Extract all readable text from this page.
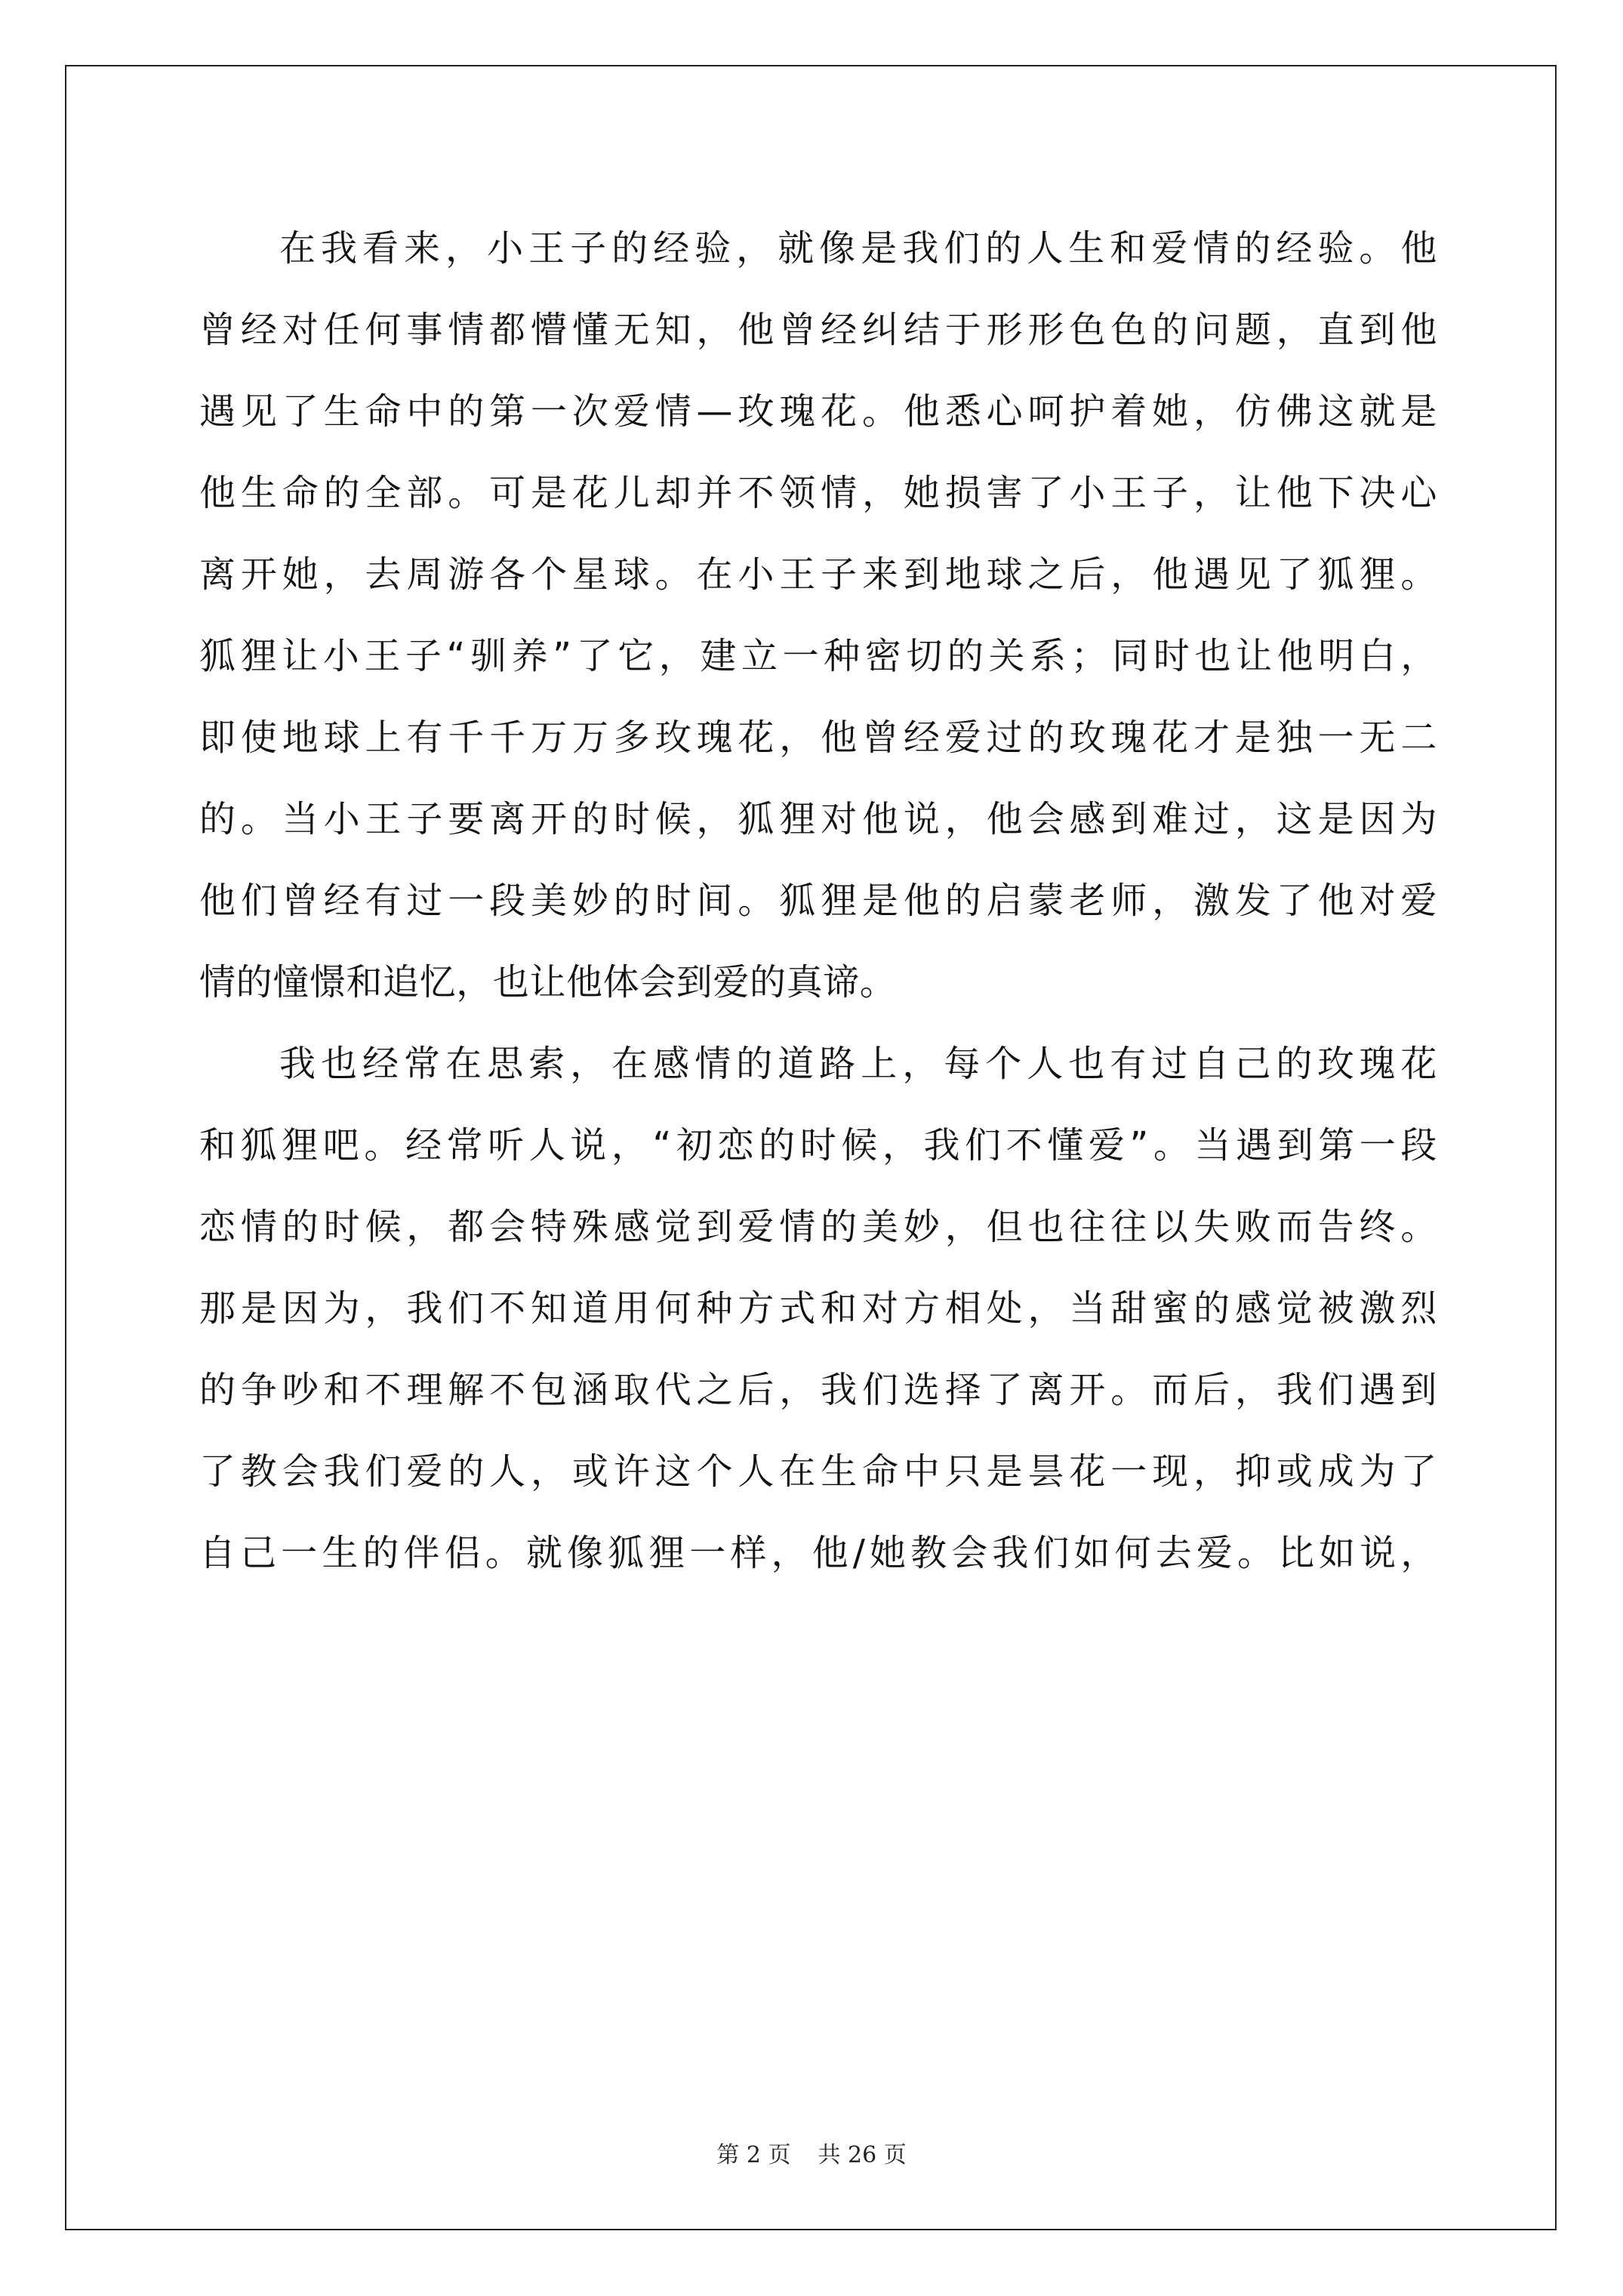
在我看来，小王子的经验，就像是我们的人生和爱情的经验。他
曾经对任何事情都懵懂无知，他曾经纠结于形形色色的问题，直到他
遇见了生命中的第一次爱情—玫瑰花。他悉心呵护着她，仿佛这就是
他生命的全部。可是花儿却并不领情，她损害了小王子，让他下决心
离开她，去周游各个星球。在小王子来到地球之后，他遇见了狐狸。
狐狸让小王子“驯养”了它，建立一种密切的关系；同时也让他明白，
即使地球上有千千万万多玫瑰花，他曾经爱过的玫瑰花才是独一无二
的。当小王子要离开的时候，狐狸对他说，他会感到难过，这是因为
他们曾经有过一段美妙的时间。狐狸是他的启蒙老师，激发了他对爱
情的憧憬和追忆，也让他体会到爱的真谛。
我也经常在思索，在感情的道路上，每个人也有过自己的玫瑰花
和狐狸吧。经常听人说，“初恋的时候，我们不懂爱”。当遇到第一段
恋情的时候，都会特殊感觉到爱情的美妙，但也往往以失败而告终。
那是因为，我们不知道用何种方式和对方相处，当甜蜜的感觉被激烈
的争吵和不理解不包涵取代之后，我们选择了离开。而后，我们遇到
了教会我们爱的人，或许这个人在生命中只是昙花一现，抑或成为了
自己一生的伴侣。就像狐狸一样，他/她教会我们如何去爱。比如说，
第 2 页 共 26 页
